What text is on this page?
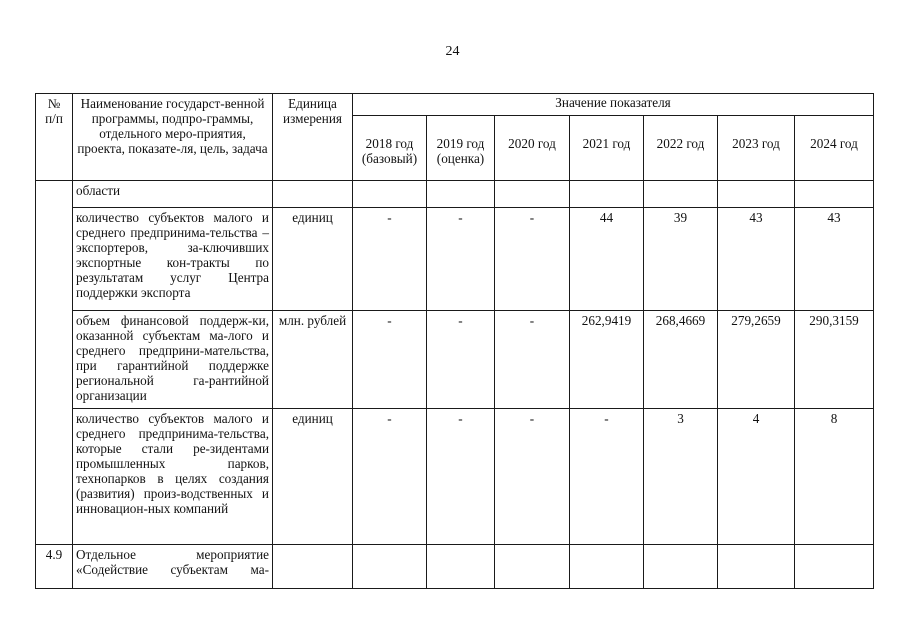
24
№
п/п	Наименование государст-венной программы, подпро-граммы, отдельного меро-приятия, проекта, показате-ля, цель, задача	Единица измерения	Значение показателя						
			2018 год (базовый)	2019 год (оценка)	2020 год	2021 год	2022 год	2023 год	2024 год
	области								
	количество субъектов малого и среднего предпринима-тельства – экспортеров, за-ключивших экспортные кон-тракты по результатам услуг Центра поддержки экспорта	единиц	-	-	-	44	39	43	43
	объем финансовой поддерж-ки, оказанной субъектам ма-лого и среднего предприни-мательства, при гарантийной поддержке региональной га-рантийной организации	млн. рублей	-	-	-	262,9419	268,4669	279,2659	290,3159
	количество субъектов малого и среднего предпринима-тельства, которые стали ре-зидентами промышленных парков, технопарков в целях создания (развития) произ-водственных и инновацион-ных компаний	единиц	-	-	-	-	3	4	8
4.9	Отдельное мероприятие «Содействие субъектам ма-								
